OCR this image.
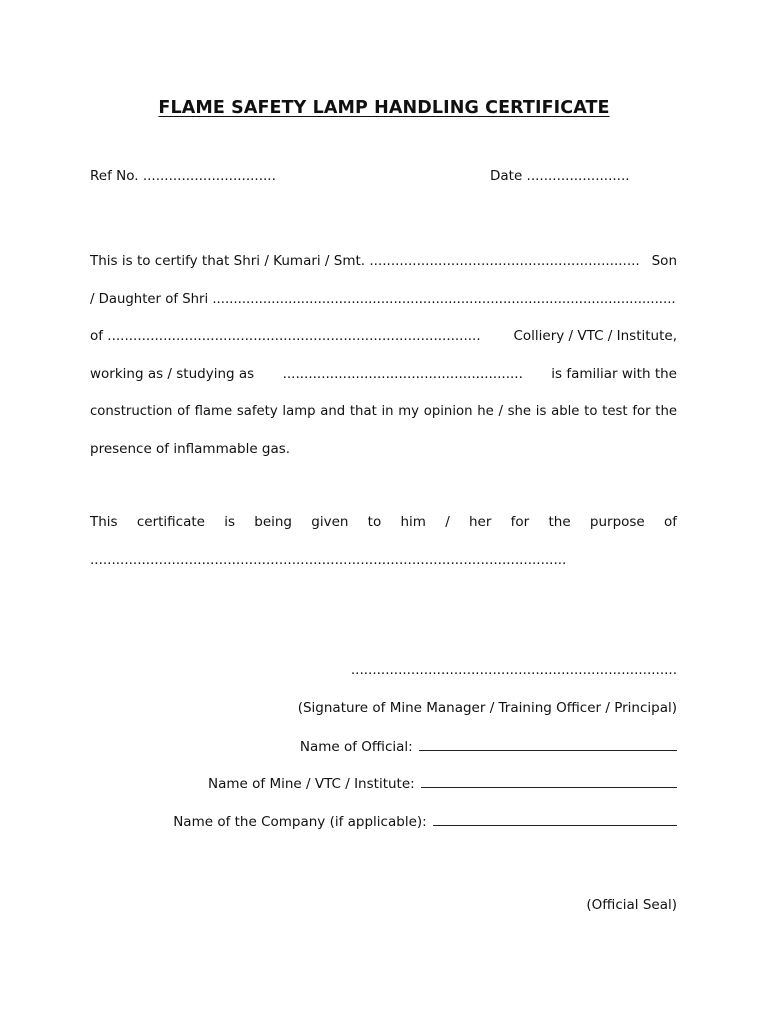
FLAME SAFETY LAMP HANDLING CERTIFICATE
Ref No. ...............................	Date ........................
This is to certify that Shri / Kumari / Smt. ............................................................... Son
/ Daughter of Shri ..............................................................................................................
of ....................................................................................... Colliery / VTC / Institute,
working as / studying as ........................................................ is familiar with the
construction of flame safety lamp and that in my opinion he / she is able to test for the
presence of inflammable gas.
This certificate is being given to him / her for the purpose of
...............................................................................................................
............................................................................
(Signature of Mine Manager / Training Officer / Principal)
Name of Official:
Name of Mine / VTC / Institute:
Name of the Company (if applicable):
(Official Seal)
